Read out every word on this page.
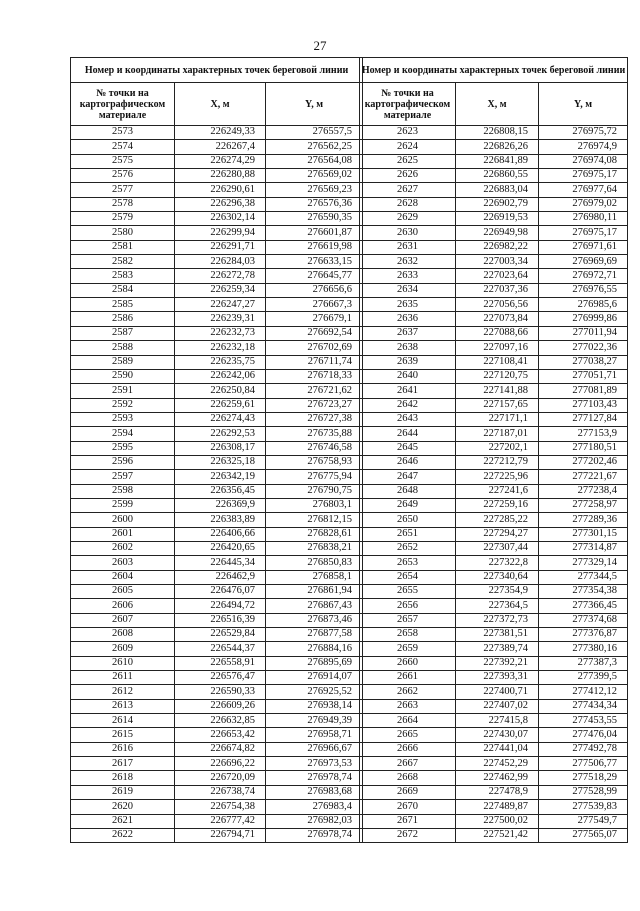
27
Номер и координаты характерных точек береговой линии		
№ точки на картографическом материале	X, м	Y, м
2573	226249,33	276557,5
2574	226267,4	276562,25
2575	226274,29	276564,08
2576	226280,88	276569,02
2577	226290,61	276569,23
2578	226296,38	276576,36
2579	226302,14	276590,35
2580	226299,94	276601,87
2581	226291,71	276619,98
2582	226284,03	276633,15
2583	226272,78	276645,77
2584	226259,34	276656,6
2585	226247,27	276667,3
2586	226239,31	276679,1
2587	226232,73	276692,54
2588	226232,18	276702,69
2589	226235,75	276711,74
2590	226242,06	276718,33
2591	226250,84	276721,62
2592	226259,61	276723,27
2593	226274,43	276727,38
2594	226292,53	276735,88
2595	226308,17	276746,58
2596	226325,18	276758,93
2597	226342,19	276775,94
2598	226356,45	276790,75
2599	226369,9	276803,1
2600	226383,89	276812,15
2601	226406,66	276828,61
2602	226420,65	276838,21
2603	226445,34	276850,83
2604	226462,9	276858,1
2605	226476,07	276861,94
2606	226494,72	276867,43
2607	226516,39	276873,46
2608	226529,84	276877,58
2609	226544,37	276884,16
2610	226558,91	276895,69
2611	226576,47	276914,07
2612	226590,33	276925,52
2613	226609,26	276938,14
2614	226632,85	276949,39
2615	226653,42	276958,71
2616	226674,82	276966,67
2617	226696,22	276973,53
2618	226720,09	276978,74
2619	226738,74	276983,68
2620	226754,38	276983,4
2621	226777,42	276982,03
2622	226794,71	276978,74
Номер и координаты характерных точек береговой линии		
№ точки на картографическом материале	X, м	Y, м
2623	226808,15	276975,72
2624	226826,26	276974,9
2625	226841,89	276974,08
2626	226860,55	276975,17
2627	226883,04	276977,64
2628	226902,79	276979,02
2629	226919,53	276980,11
2630	226949,98	276975,17
2631	226982,22	276971,61
2632	227003,34	276969,69
2633	227023,64	276972,71
2634	227037,36	276976,55
2635	227056,56	276985,6
2636	227073,84	276999,86
2637	227088,66	277011,94
2638	227097,16	277022,36
2639	227108,41	277038,27
2640	227120,75	277051,71
2641	227141,88	277081,89
2642	227157,65	277103,43
2643	227171,1	277127,84
2644	227187,01	277153,9
2645	227202,1	277180,51
2646	227212,79	277202,46
2647	227225,96	277221,67
2648	227241,6	277238,4
2649	227259,16	277258,97
2650	227285,22	277289,36
2651	227294,27	277301,15
2652	227307,44	277314,87
2653	227322,8	277329,14
2654	227340,64	277344,5
2655	227354,9	277354,38
2656	227364,5	277366,45
2657	227372,73	277374,68
2658	227381,51	277376,87
2659	227389,74	277380,16
2660	227392,21	277387,3
2661	227393,31	277399,5
2662	227400,71	277412,12
2663	227407,02	277434,34
2664	227415,8	277453,55
2665	227430,07	277476,04
2666	227441,04	277492,78
2667	227452,29	277506,77
2668	227462,99	277518,29
2669	227478,9	277528,99
2670	227489,87	277539,83
2671	227500,02	277549,7
2672	227521,42	277565,07
